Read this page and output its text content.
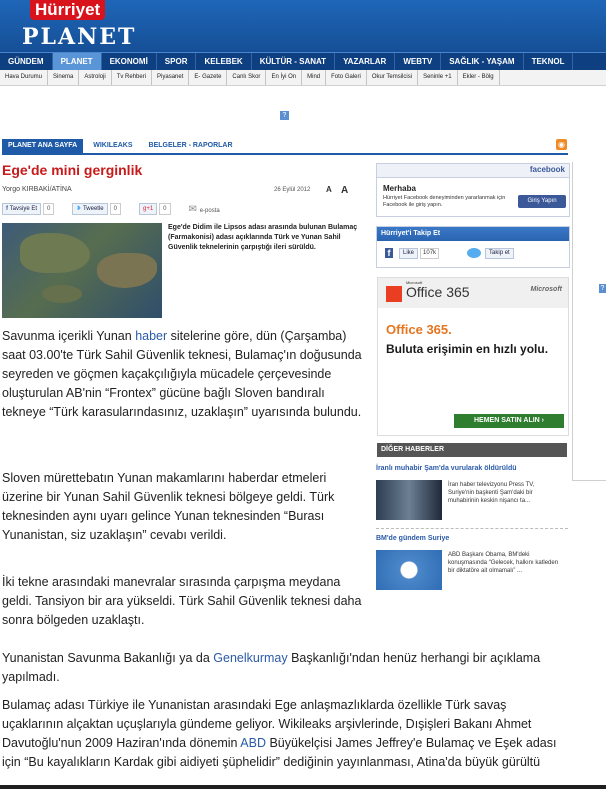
Hürriyet
PLANET
GÜNDEM	PLANET	EKONOMİ	SPOR	KELEBEK	KÜLTÜR - SANAT	YAZARLAR	WEBTV	SAĞLIK - YAŞAM	TEKNOL
Hava Durumu	Sinema	Astroloji	Tv Rehberi	Piyasanet	E- Gazete	Canlı Skor	En İyi On	Mind	Foto Galeri	Okur Temsilcisi	Seninle +1	Ekler - Bölg
?
?
PLANET ANA SAYFA	WIKILEAKS	BELGELER - RAPORLAR	◉
Ege'de mini gerginlik
Yorgo KIRBAKİ/ATİNA	26 Eylül 2012 A A
f Tavsiye Et	0	❥ Tweetle	0	g+1	0	✉ e-posta
Ege'de Didim ile Lipsos adası arasında bulunan Bulamaç (Farmakonisi) adası açıklarında Türk ve Yunan Sahil Güvenlik teknelerinin çarpıştığı ileri sürüldü.
Savunma içerikli Yunan haber sitelerine göre, dün (Çarşamba) saat 03.00'te Türk Sahil Güvenlik teknesi, Bulamaç'ın doğusunda seyreden ve göçmen kaçakçılığıyla mücadele çerçevesinde oluşturulan AB'nin “Frontex” gücüne bağlı Sloven bandıralı tekneye “Türk karasularındasınız, uzaklaşın” uyarısında bulundu.
Sloven mürettebatın Yunan makamlarını haberdar etmeleri üzerine bir Yunan Sahil Güvenlik teknesi bölgeye geldi. Türk teknesinden aynı uyarı gelince Yunan teknesinden “Burası Yunanistan, siz uzaklaşın” cevabı verildi.
İki tekne arasındaki manevralar sırasında çarpışma meydana geldi. Tansiyon bir ara yükseldi. Türk Sahil Güvenlik teknesi daha sonra bölgeden uzaklaştı.
Yunanistan Savunma Bakanlığı ya da Genelkurmay Başkanlığı'ndan henüz herhangi bir açıklama yapılmadı.
Bulamaç adası Türkiye ile Yunanistan arasındaki Ege anlaşmazlıklarda özellikle Türk savaş uçaklarının alçaktan uçuşlarıyla gündeme geliyor. Wikileaks arşivlerinde, Dışişleri Bakanı Ahmet Davutoğlu'nun 2009 Haziran'ında dönemin ABD Büyükelçisi James Jeffrey'e Bulamaç ve Eşek adası için “Bu kayalıkların Kardak gibi aidiyeti şüphelidir” dediğinin yayınlanması, Atina'da büyük gürültü
facebook
Merhaba
Hürriyet Facebook deneyiminden yararlanmak için Facebook ile giriş yapın.
Giriş Yapın
Hürriyet'i Takip Et
f	Like	107k	Takip et
Microsoft
Office 365	Microsoft
Office 365.
Buluta erişimin en hızlı yolu.
HEMEN SATIN ALIN ›
DİĞER HABERLER
İranlı muhabir Şam'da vurularak öldürüldü
İran haber televizyonu Press TV, Suriye'nin başkenti Şam'daki bir muhabirinin keskin nişancı ta...
BM'de gündem Suriye
ABD Başkanı Obama, BM'deki konuşmasında “Gelecek, halkını katleden bir diktatöre ait olmamalı” ...
